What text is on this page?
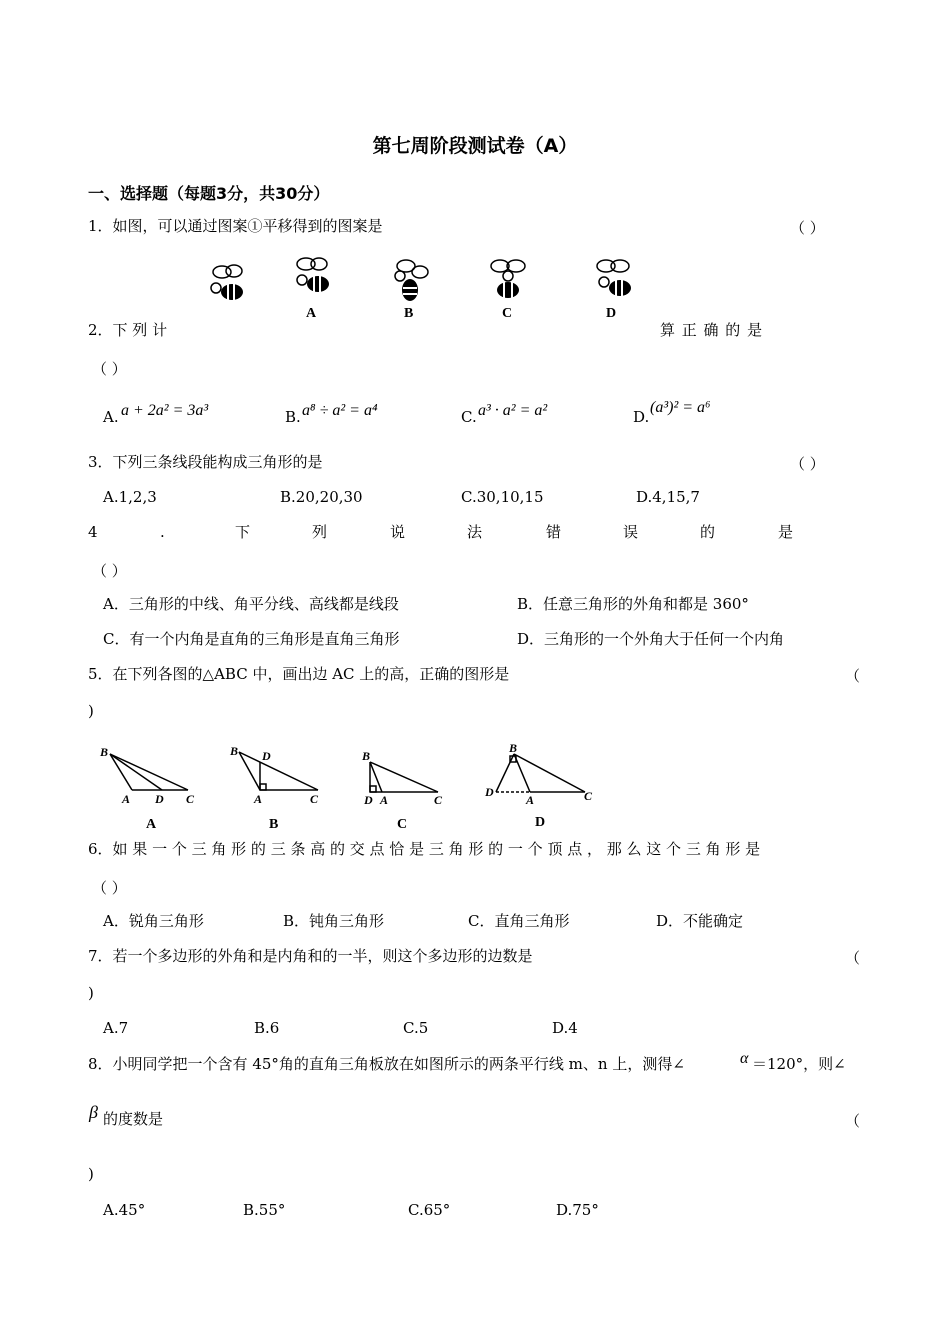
第七周阶段测试卷（A）
一、选择题（每题3分，共30分）
1．如图，可以通过图案①平移得到的图案是	（ ）
A	B	C	D
2．下 列 计	算 正 确 的 是
（ ）
A. a + 2a² = 3a³	B. a⁸ ÷ a² = a⁴	C. a³ · a² = a²	D.
(a³)² = a⁶
3．下列三条线段能构成三角形的是	（ ）
A.1,2,3	B.20,20,30	C.30,10,15	D.4,15,7
4	.	下	列	说	法	错	误	的	是
（ ）
A．三角形的中线、角平分线、高线都是线段	B．任意三角形的外角和都是 360°
C．有一个内角是直角的三角形是直角三角形	D．三角形的一个外角大于任何一个内角
5．在下列各图的△ABC 中，画出边 AC 上的高，正确的图形是	（
)
B
A D C
A
B D
A	C
B
B
D A	C
C
B
D
A	C
D
6．如 果 一 个 三 角 形 的 三 条 高 的 交 点 恰 是 三 角 形 的 一 个 顶 点 ， 那 么 这 个 三 角 形 是
（ ）
A．锐角三角形	B．钝角三角形	C．直角三角形	D．不能确定
7．若一个多边形的外角和是内角和的一半，则这个多边形的边数是	（
)
A.7	B.6	C.5	D.4
8．小明同学把一个含有 45°角的直角三角板放在如图所示的两条平行线 m、n 上，测得∠	α ＝120°，则∠
β 的度数是	（
)
A.45°	B.55°	C.65°	D.75°
